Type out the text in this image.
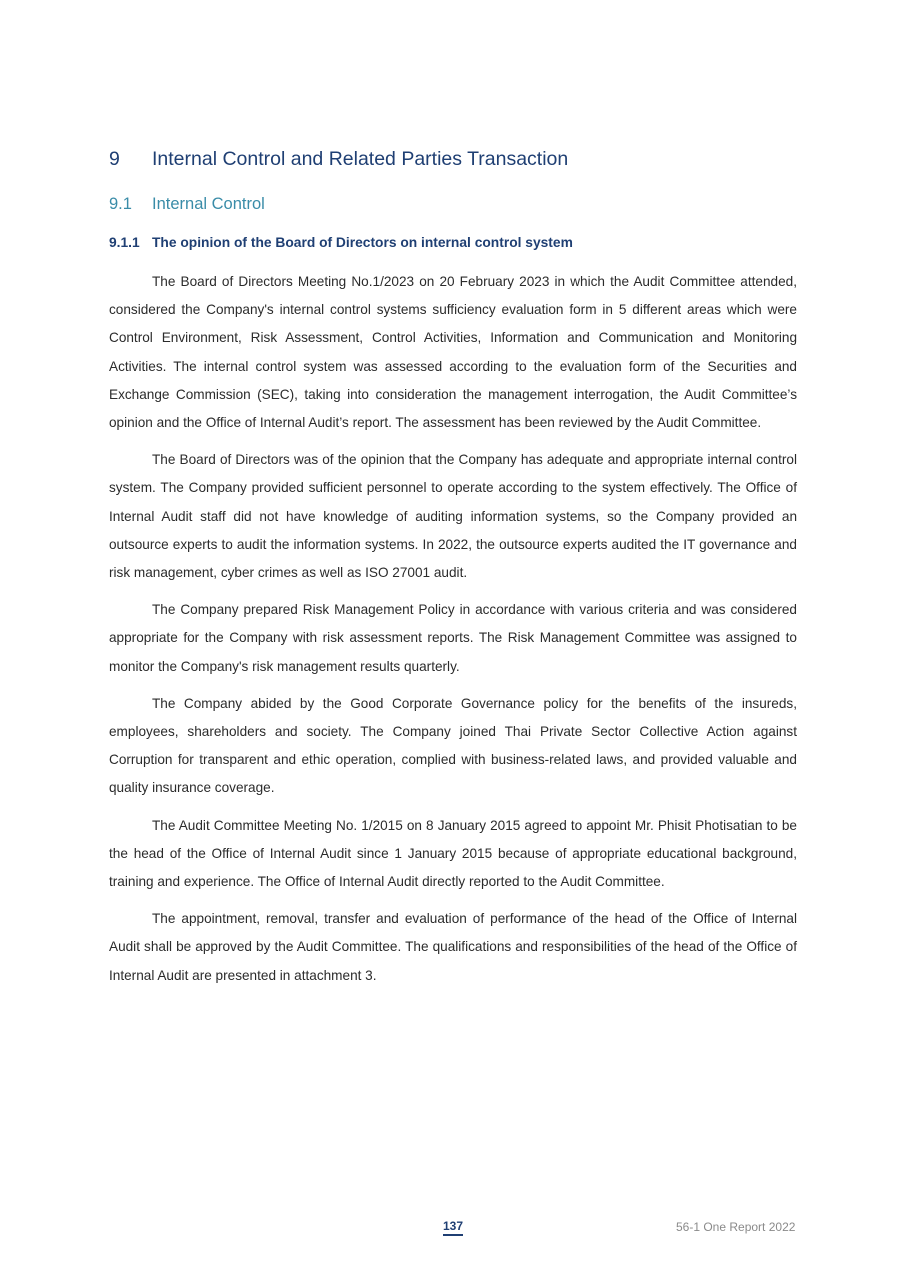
9	Internal Control and Related Parties Transaction
9.1	Internal Control
9.1.1 The opinion of the Board of Directors on internal control system

The Board of Directors Meeting No.1/2023 on 20 February 2023 in which the Audit Committee attended, considered the Company's internal control systems sufficiency evaluation form in 5 different areas which were Control Environment, Risk Assessment, Control Activities, Information and Communication and Monitoring Activities. The internal control system was assessed according to the evaluation form of the Securities and Exchange Commission (SEC), taking into consideration the management interrogation, the Audit Committee’s opinion and the Office of Internal Audit’s report. The assessment has been reviewed by the Audit Committee.

The Board of Directors was of the opinion that the Company has adequate and appropriate internal control system. The Company provided sufficient personnel to operate according to the system effectively. The Office of Internal Audit staff did not have knowledge of auditing information systems, so the Company provided an outsource experts to audit the information systems. In 2022, the outsource experts audited the IT governance and risk management, cyber crimes as well as ISO 27001 audit.

The Company prepared Risk Management Policy in accordance with various criteria and was considered appropriate for the Company with risk assessment reports. The Risk Management Committee was assigned to monitor the Company's risk management results quarterly.

The Company abided by the Good Corporate Governance policy for the benefits of the insureds, employees, shareholders and society. The Company joined Thai Private Sector Collective Action against Corruption for transparent and ethic operation, complied with business-related laws, and provided valuable and quality insurance coverage.

The Audit Committee Meeting No. 1/2015 on 8 January 2015 agreed to appoint Mr. Phisit Photisatian to be the head of the Office of Internal Audit since 1 January 2015 because of appropriate educational background, training and experience. The Office of Internal Audit directly reported to the Audit Committee.

The appointment, removal, transfer and evaluation of performance of the head of the Office of Internal Audit shall be approved by the Audit Committee. The qualifications and responsibilities of the head of the Office of Internal Audit are presented in attachment 3.

137	56-1 One Report 2022
